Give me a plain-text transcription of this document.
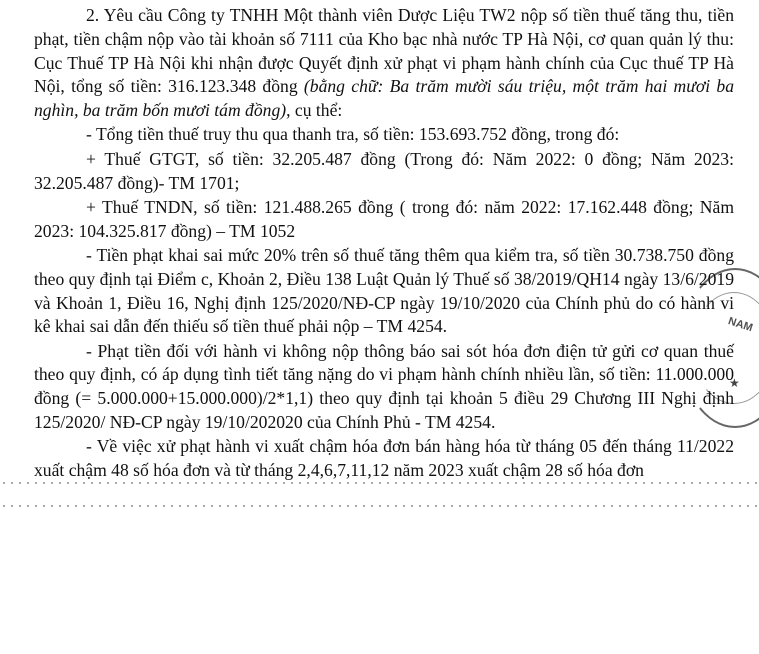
2. Yêu cầu Công ty TNHH Một thành viên Dược Liệu TW2 nộp số tiền thuế tăng thu, tiền phạt, tiền chậm nộp vào tài khoản số 7111 của Kho bạc nhà nước TP Hà Nội, cơ quan quản lý thu: Cục Thuế TP Hà Nội khi nhận được Quyết định xử phạt vi phạm hành chính của Cục thuế TP Hà Nội, tổng số tiền: 316.123.348 đồng (bằng chữ: Ba trăm mười sáu triệu, một trăm hai mươi ba nghìn, ba trăm bốn mươi tám đồng), cụ thể:

- Tổng tiền thuế truy thu qua thanh tra, số tiền: 153.693.752 đồng, trong đó:

+ Thuế GTGT, số tiền: 32.205.487 đồng (Trong đó: Năm 2022: 0 đồng; Năm 2023: 32.205.487 đồng)- TM 1701;

+ Thuế TNDN, số tiền: 121.488.265 đồng ( trong đó: năm 2022: 17.162.448 đồng; Năm 2023: 104.325.817 đồng) – TM 1052

- Tiền phạt khai sai mức 20% trên số thuế tăng thêm qua kiểm tra, số tiền 30.738.750 đồng theo quy định tại Điểm c, Khoản 2, Điều 138 Luật Quản lý Thuế số 38/2019/QH14 ngày 13/6/2019 và Khoản 1, Điều 16, Nghị định 125/2020/NĐ-CP ngày 19/10/2020 của Chính phủ do có hành vi kê khai sai dẫn đến thiếu số tiền thuế phải nộp – TM 4254.

- Phạt tiền đối với hành vi không nộp thông báo sai sót hóa đơn điện tử gửi cơ quan thuế theo quy định, có áp dụng tình tiết tăng nặng do vi phạm hành chính nhiều lần, số tiền: 11.000.000 đồng (= 5.000.000+15.000.000)/2*1,1) theo quy định tại khoản 5 điều 29 Chương III Nghị định 125/2020/ NĐ-CP ngày 19/10/202020 của Chính Phủ - TM 4254.

- Về việc xử phạt hành vi xuất chậm hóa đơn bán hàng hóa từ tháng 05 đến tháng 11/2022 xuất chậm 48 số hóa đơn và từ tháng 2,4,6,7,11,12 năm 2023 xuất chậm 28 số hóa đơn

NAM
★
